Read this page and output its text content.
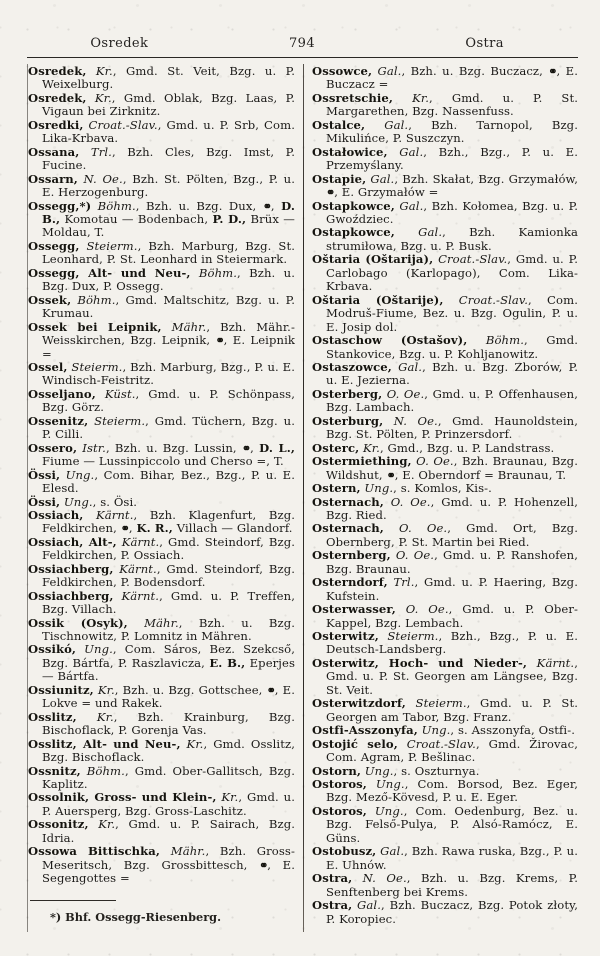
Osredek	794	Ostra

Osredek, Kr., Gmd. St. Veit, Bzg. u. P. Weixelburg.

Osredek, Kr., Gmd. Oblak, Bzg. Laas, P. Vigaun bei Zirknitz.

Osredki, Croat.-Slav., Gmd. u. P. Srb, Com. Lika-Krbava.

Ossana, Trl., Bzh. Cles, Bzg. Imst, P. Fucine.

Ossarn, N. Oe., Bzh. St. Pölten, Bzg., P. u. E. Herzogenburg.

Ossegg,*) Böhm., Bzh. u. Bzg. Dux, ⚭, D. B., Komotau — Bodenbach, P. D., Brüx — Moldau, T.

Ossegg, Steierm., Bzh. Marburg, Bzg. St. Leonhard, P. St. Leonhard in Steiermark.

Ossegg, Alt- und Neu-, Böhm., Bzh. u. Bzg. Dux, P. Ossegg.

Ossek, Böhm., Gmd. Maltschitz, Bzg. u. P. Krumau.

Ossek bei Leipnik, Mähr., Bzh. Mähr.-Weisskirchen, Bzg. Leipnik, ⚭, E. Leipnik =

Ossel, Steierm., Bzh. Marburg, Bzg., P. u. E. Windisch-Feistritz.

Osseljano, Küst., Gmd. u. P. Schönpass, Bzg. Görz.

Ossenitz, Steierm., Gmd. Tüchern, Bzg. u. P. Cilli.

Ossero, Istr., Bzh. u. Bzg. Lussin, ⚭, D. L., Fiume — Lussinpiccolo und Cherso =, T.

Össi, Ung., Com. Bihar, Bez., Bzg., P. u. E. Elesd.

Össi, Ung., s. Ösi.

Ossiach, Kärnt., Bzh. Klagenfurt, Bzg. Feldkirchen, ⚭, K. R., Villach — Glandorf.

Ossiach, Alt-, Kärnt., Gmd. Steindorf, Bzg. Feldkirchen, P. Ossiach.

Ossiachberg, Kärnt., Gmd. Steindorf, Bzg. Feldkirchen, P. Bodensdorf.

Ossiachberg, Kärnt., Gmd. u. P. Treffen, Bzg. Villach.

Ossik (Osyk), Mähr., Bzh. u. Bzg. Tischnowitz, P. Lomnitz in Mähren.

Ossikó, Ung., Com. Sáros, Bez. Szekcső, Bzg. Bártfa, P. Raszlavicza, E. B., Eperjes — Bártfa.

Ossiunitz, Kr., Bzh. u. Bzg. Gottschee, ⚭, E. Lokve = und Rakek.

Osslitz, Kr., Bzh. Krainburg, Bzg. Bischoflack, P. Gorenja Vas.

Osslitz, Alt- und Neu-, Kr., Gmd. Osslitz, Bzg. Bischoflack.

Ossnitz, Böhm., Gmd. Ober-Gallitsch, Bzg. Kaplitz.

Ossolnik, Gross- und Klein-, Kr., Gmd. u. P. Auersperg, Bzg. Gross-Laschitz.

Ossonitz, Kr., Gmd. u. P. Sairach, Bzg. Idria.

Ossowa Bittischka, Mähr., Bzh. Gross-Meseritsch, Bzg. Grossbittesch, ⚭, E. Segengottes =

*) Bhf. Ossegg-Riesenberg.

Ossowce, Gal., Bzh. u. Bzg. Buczacz, ⚭, E. Buczacz =

Ossretschie, Kr., Gmd. u. P. St. Margarethen, Bzg. Nassenfuss.

Ostalce, Gal., Bzh. Tarnopol, Bzg. Mikulińce, P. Suszczyn.

Ostałowice, Gal., Bzh., Bzg., P. u. E. Przemyślany.

Ostapie, Gal., Bzh. Skałat, Bzg. Grzymałów, ⚭, E. Grzymałów =

Ostapkowce, Gal., Bzh. Kołomea, Bzg. u. P. Gwoździec.

Ostapkowce, Gal., Bzh. Kamionka strumiłowa, Bzg. u. P. Busk.

Oštaria (Oštarija), Croat.-Slav., Gmd. u. P. Carlobago (Karlopago), Com. Lika-Krbava.

Oštaria (Oštarije), Croat.-Slav., Com. Modruš-Fiume, Bez. u. Bzg. Ogulin, P. u. E. Josip dol.

Ostaschow (Ostašov), Böhm., Gmd. Stankovice, Bzg. u. P. Kohljanowitz.

Ostaszowce, Gal., Bzh. u. Bzg. Zborów, P. u. E. Jezierna.

Osterberg, O. Oe., Gmd. u. P. Offenhausen, Bzg. Lambach.

Osterburg, N. Oe., Gmd. Haunoldstein, Bzg. St. Pölten, P. Prinzersdorf.

Osterc, Kr., Gmd., Bzg. u. P. Landstrass.

Ostermiething, O. Oe., Bzh. Braunau, Bzg. Wildshut, ⚭, E. Oberndorf = Braunau, T.

Ostern, Ung., s. Komlos, Kis-.

Osternach, O. Oe., Gmd. u. P. Hohenzell, Bzg. Ried.

Osternach, O. Oe., Gmd. Ort, Bzg. Obernberg, P. St. Martin bei Ried.

Osternberg, O. Oe., Gmd. u. P. Ranshofen, Bzg. Braunau.

Osterndorf, Trl., Gmd. u. P. Haering, Bzg. Kufstein.

Osterwasser, O. Oe., Gmd. u. P. Ober-Kappel, Bzg. Lembach.

Osterwitz, Steierm., Bzh., Bzg., P. u. E. Deutsch-Landsberg.

Osterwitz, Hoch- und Nieder-, Kärnt., Gmd. u. P. St. Georgen am Längsee, Bzg. St. Veit.

Osterwitzdorf, Steierm., Gmd. u. P. St. Georgen am Tabor, Bzg. Franz.

Ostfi-Asszonyfa, Ung., s. Asszonyfa, Ostfi-.

Ostojić selo, Croat.-Slav., Gmd. Žirovac, Com. Agram, P. Bešlinac.

Ostorn, Ung., s. Oszturnya.

Ostoros, Ung., Com. Borsod, Bez. Eger, Bzg. Mező-Kövesd, P. u. E. Eger.

Ostoros, Ung., Com. Oedenburg, Bez. u. Bzg. Felső-Pulya, P. Alsó-Ramócz, E. Güns.

Ostobusz, Gal., Bzh. Rawa ruska, Bzg., P. u. E. Uhnów.

Ostra, N. Oe., Bzh. u. Bzg. Krems, P. Senftenberg bei Krems.

Ostra, Gal., Bzh. Buczacz, Bzg. Potok złoty, P. Koropiec.
